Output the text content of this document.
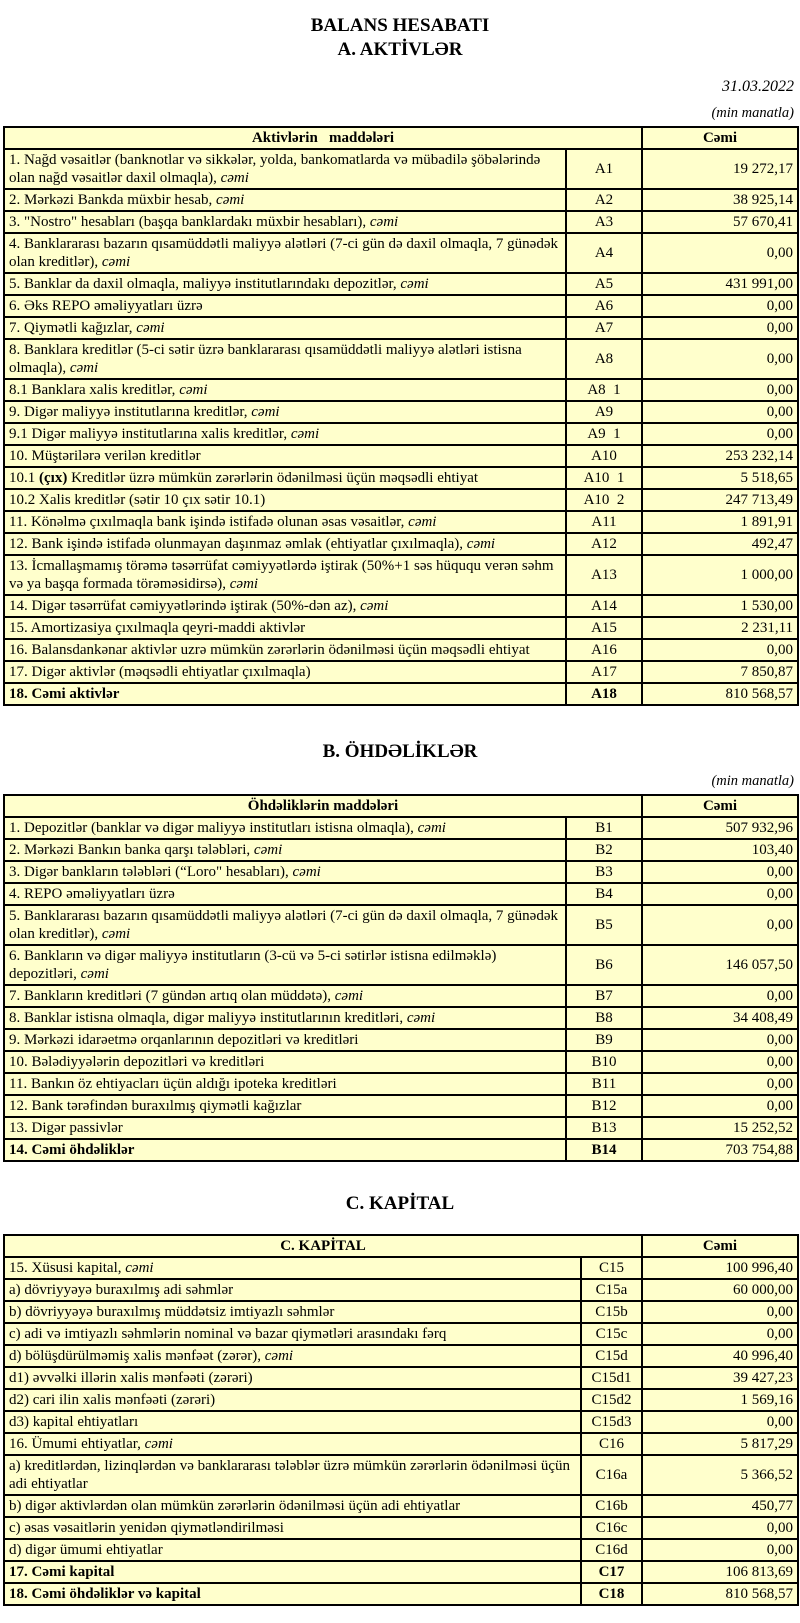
BALANS HESABATI
A. AKTİVLƏR
31.03.2022
(min manatla)
Aktivlərin   maddələri		Cəmi
1. Nağd vəsaitlər (banknotlar və sikkələr, yolda, bankomatlarda və mübadilə şöbələrində olan nağd vəsaitlər daxil olmaqla), cəmi	A1	19 272,17
2. Mərkəzi Bankda müxbir hesab, cəmi	A2	38 925,14
3. "Nostro" hesabları (başqa banklardakı müxbir hesabları), cəmi	A3	57 670,41
4. Banklararası bazarın qısamüddətli maliyyə alətləri (7-ci gün də daxil olmaqla, 7 günədək olan kreditlər), cəmi	A4	0,00
5. Banklar da daxil olmaqla, maliyyə institutlarındakı depozitlər, cəmi	A5	431 991,00
6. Əks REPO əməliyyatları üzrə	A6	0,00
7. Qiymətli kağızlar, cəmi	A7	0,00
8. Banklara kreditlər (5-ci sətir üzrə banklararası qısamüddətli maliyyə alətləri istisna olmaqla), cəmi	A8	0,00
8.1 Banklara xalis kreditlər, cəmi	A8  1	0,00
9. Digər maliyyə institutlarına kreditlər, cəmi	A9	0,00
9.1 Digər maliyyə institutlarına xalis kreditlər, cəmi	A9  1	0,00
10. Müştərilərə verilən kreditlər	A10	253 232,14
10.1 (çıx) Kreditlər üzrə mümkün zərərlərin ödənilməsi üçün məqsədli ehtiyat	A10  1	5 518,65
10.2 Xalis kreditlər (sətir 10 çıx sətir 10.1)	A10  2	247 713,49
11. Könəlmə çıxılmaqla bank işində istifadə olunan əsas vəsaitlər, cəmi	A11	1 891,91
12. Bank işində istifadə olunmayan daşınmaz əmlak (ehtiyatlar çıxılmaqla), cəmi	A12	492,47
13. İcmallaşmamış törəmə təsərrüfat cəmiyyətlərdə iştirak (50%+1 səs hüququ verən səhm və ya başqa formada törəməsidirsə), cəmi	A13	1 000,00
14. Digər təsərrüfat cəmiyyətlərində iştirak (50%-dən az), cəmi	A14	1 530,00
15. Amortizasiya çıxılmaqla qeyri-maddi aktivlər	A15	2 231,11
16. Balansdankənar aktivlər uzrə mümkün zərərlərin ödənilməsi üçün məqsədli ehtiyat	A16	0,00
17. Digər aktivlər (məqsədli ehtiyatlar çıxılmaqla)	A17	7 850,87
18. Cəmi aktivlər	A18	810 568,57
B. ÖHDƏLİKLƏR
(min manatla)
Öhdəliklərin maddələri		Cəmi
1. Depozitlər (banklar və digər maliyyə institutları istisna olmaqla), cəmi	B1	507 932,96
2. Mərkəzi Bankın banka qarşı tələbləri, cəmi	B2	103,40
3. Digər bankların tələbləri (“Loro" hesabları), cəmi	B3	0,00
4. REPO əməliyyatları üzrə	B4	0,00
5. Banklararası bazarın qısamüddətli maliyyə alətləri (7-ci gün də daxil olmaqla, 7 günədək olan kreditlər), cəmi	B5	0,00
6. Bankların və digər maliyyə institutların (3-cü və 5-ci sətirlər istisna edilməklə) depozitləri, cəmi	B6	146 057,50
7. Bankların kreditləri (7 gündən artıq olan müddətə), cəmi	B7	0,00
8. Banklar istisna olmaqla, digər maliyyə institutlarının kreditləri, cəmi	B8	34 408,49
9. Mərkəzi idarəetmə orqanlarının depozitləri və kreditləri	B9	0,00
10. Bələdiyyələrin depozitləri və kreditləri	B10	0,00
11. Bankın öz ehtiyacları üçün aldığı ipoteka kreditləri	B11	0,00
12. Bank tərəfindən buraxılmış qiymətli kağızlar	B12	0,00
13. Digər passivlər	B13	15 252,52
14. Cəmi öhdəliklər	B14	703 754,88
C. KAPİTAL
C. KAPİTAL		Cəmi
15. Xüsusi kapital, cəmi	C15	100 996,40
a) dövriyyəyə buraxılmış adi səhmlər	C15a	60 000,00
b) dövriyyəyə buraxılmış müddətsiz imtiyazlı səhmlər	C15b	0,00
c) adi və imtiyazlı səhmlərin nominal və bazar qiymətləri arasındakı fərq	C15c	0,00
d) bölüşdürülməmiş xalis mənfəət (zərər), cəmi	C15d	40 996,40
d1) əvvəlki illərin xalis mənfəəti (zərəri)	C15d1	39 427,23
d2) cari ilin xalis mənfəəti (zərəri)	C15d2	1 569,16
d3) kapital ehtiyatları	C15d3	0,00
16. Ümumi ehtiyatlar, cəmi	C16	5 817,29
a) kreditlərdən, lizinqlərdən və banklararası tələblər üzrə mümkün zərərlərin ödənilməsi üçün adi ehtiyatlar	C16a	5 366,52
b) digər aktivlərdən olan mümkün zərərlərin ödənilməsi üçün adi ehtiyatlar	C16b	450,77
c) əsas vəsaitlərin yenidən qiymətləndirilməsi	C16c	0,00
d) digər ümumi ehtiyatlar	C16d	0,00
17. Cəmi kapital	C17	106 813,69
18. Cəmi öhdəliklər və kapital	C18	810 568,57
